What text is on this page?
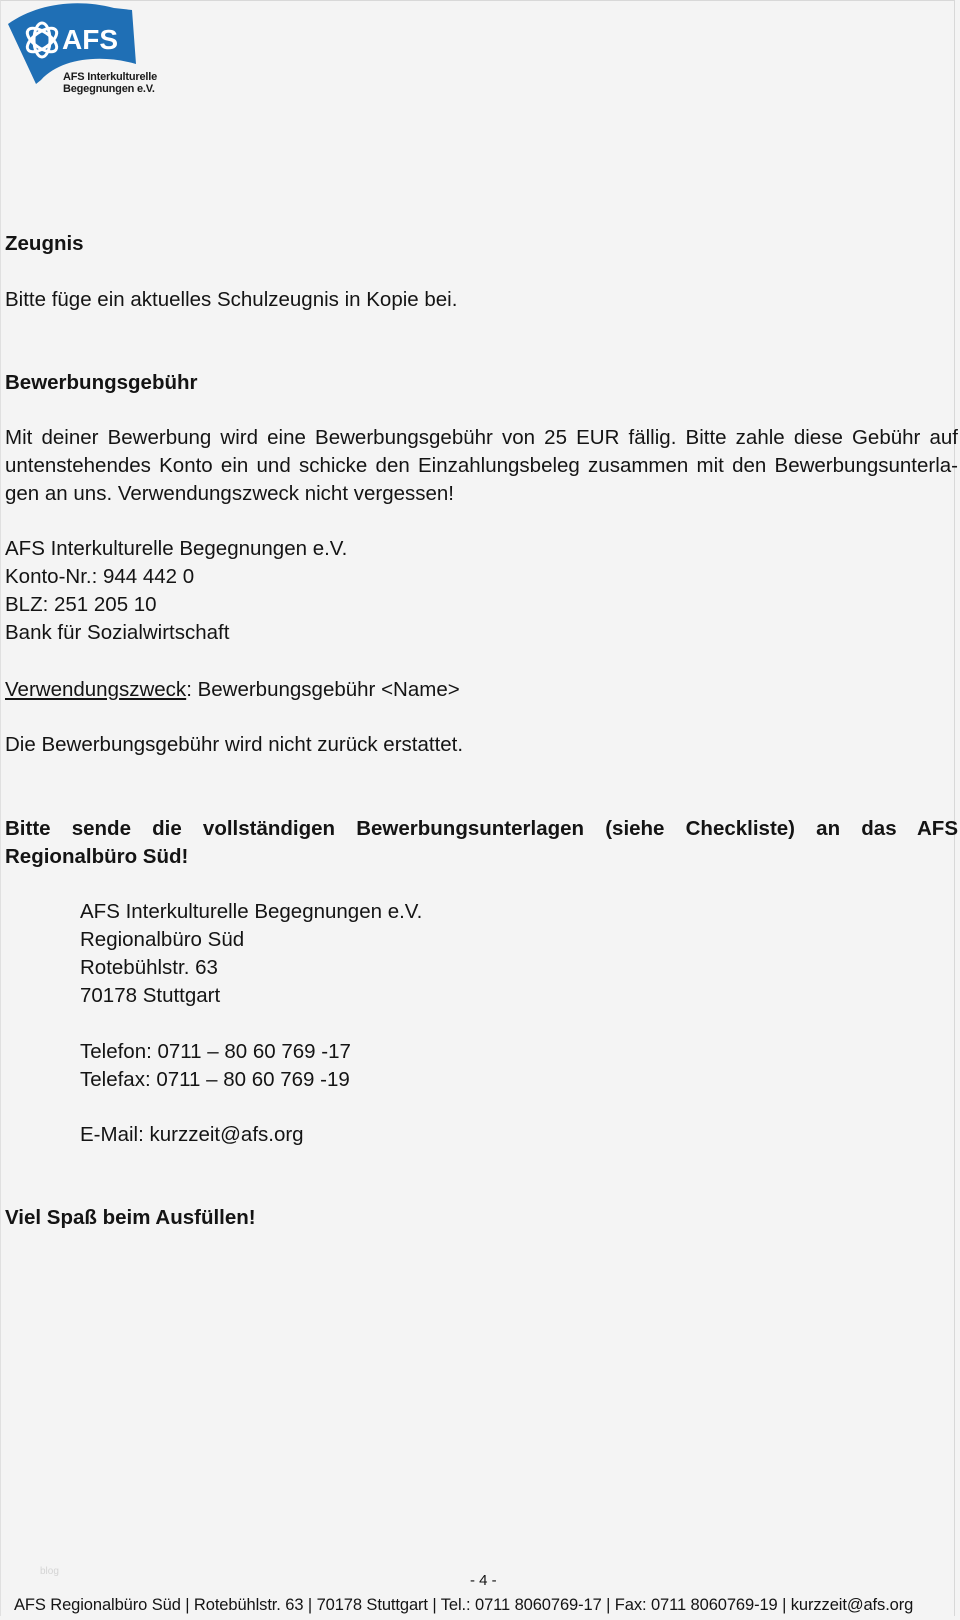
AFS
AFS Interkulturelle
Begegnungen e.V.
Zeugnis
Bitte füge ein aktuelles Schulzeugnis in Kopie bei.
Bewerbungsgebühr
Mit deiner Bewerbung wird eine Bewerbungsgebühr von 25 EUR fällig. Bitte zahle diese Gebühr auf
untenstehendes Konto ein und schicke den Einzahlungsbeleg zusammen mit den Bewerbungsunterla-
gen an uns. Verwendungszweck nicht vergessen!
AFS Interkulturelle Begegnungen e.V.
Konto-Nr.: 944 442 0
BLZ: 251 205 10
Bank für Sozialwirtschaft
Verwendungszweck: Bewerbungsgebühr <Name>
Die Bewerbungsgebühr wird nicht zurück erstattet.
Bitte sende die vollständigen Bewerbungsunterlagen (siehe Checkliste) an das AFS
Regionalbüro Süd!
AFS Interkulturelle Begegnungen e.V.
Regionalbüro Süd
Rotebühlstr. 63
70178 Stuttgart
Telefon: 0711 – 80 60 769 -17
Telefax: 0711 – 80 60 769 -19
E-Mail: kurzzeit@afs.org
Viel Spaß beim Ausfüllen!
blog
- 4 -
AFS Regionalbüro Süd | Rotebühlstr. 63 | 70178 Stuttgart | Tel.: 0711 8060769-17 | Fax: 0711 8060769-19 | kurzzeit@afs.org
